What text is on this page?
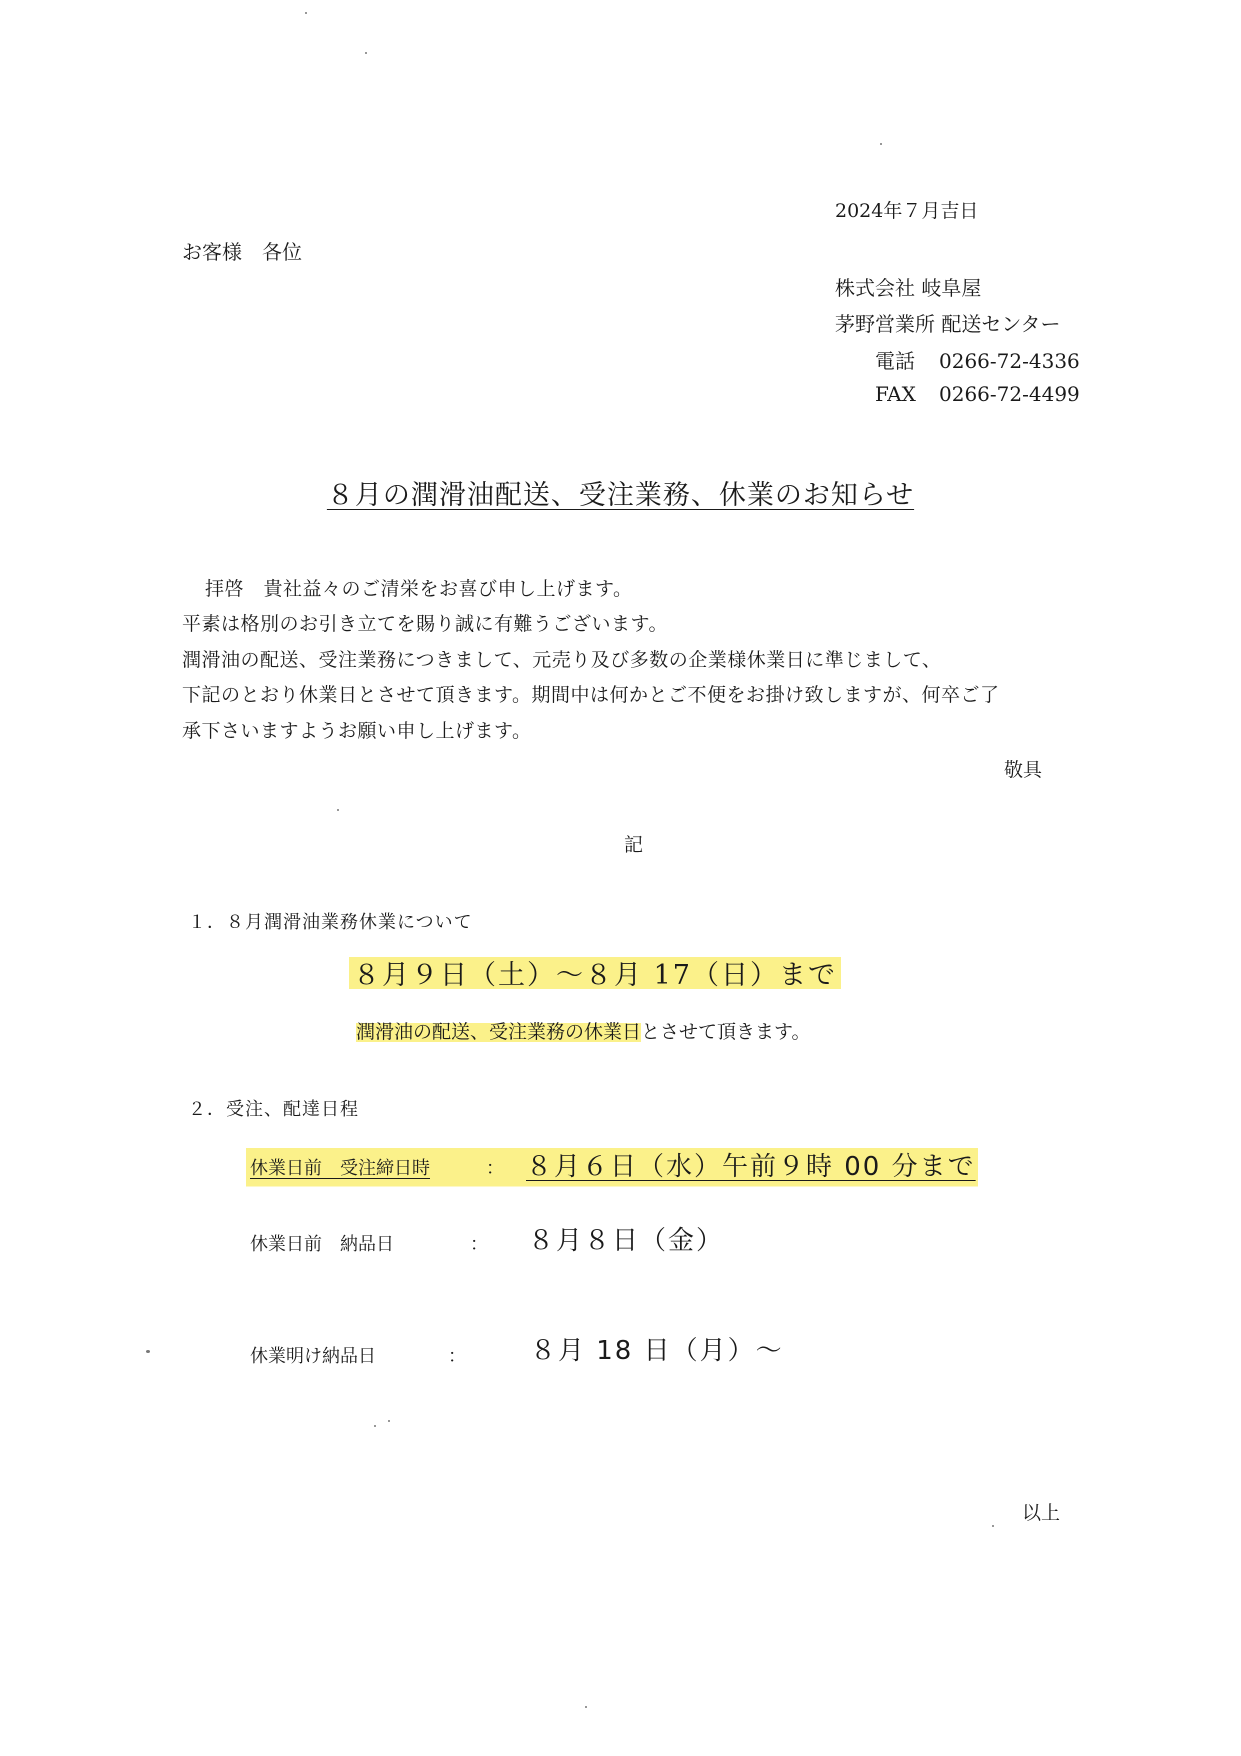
2024年７月吉日
お客様　各位
株式会社 岐阜屋
茅野営業所 配送センター
電話 0266-72-4336
FAX 0266-72-4499
８月の潤滑油配送、受注業務、休業のお知らせ
拝啓　貴社益々のご清栄をお喜び申し上げます。
平素は格別のお引き立てを賜り誠に有難うございます。
潤滑油の配送、受注業務につきまして、元売り及び多数の企業様休業日に準じまして、
下記のとおり休業日とさせて頂きます。期間中は何かとご不便をお掛け致しますが、何卒ご了
承下さいますようお願い申し上げます。
敬具
記
１．８月潤滑油業務休業について
８月９日（土）～８月 17（日）まで
潤滑油の配送、受注業務の休業日とさせて頂きます。
２．受注、配達日程
休業日前　受注締日時	： ８月６日（水）午前９時 00 分まで
休業日前　納品日	： ８月８日（金）
休業明け納品日	： ８月 18 日（月）～
以上
